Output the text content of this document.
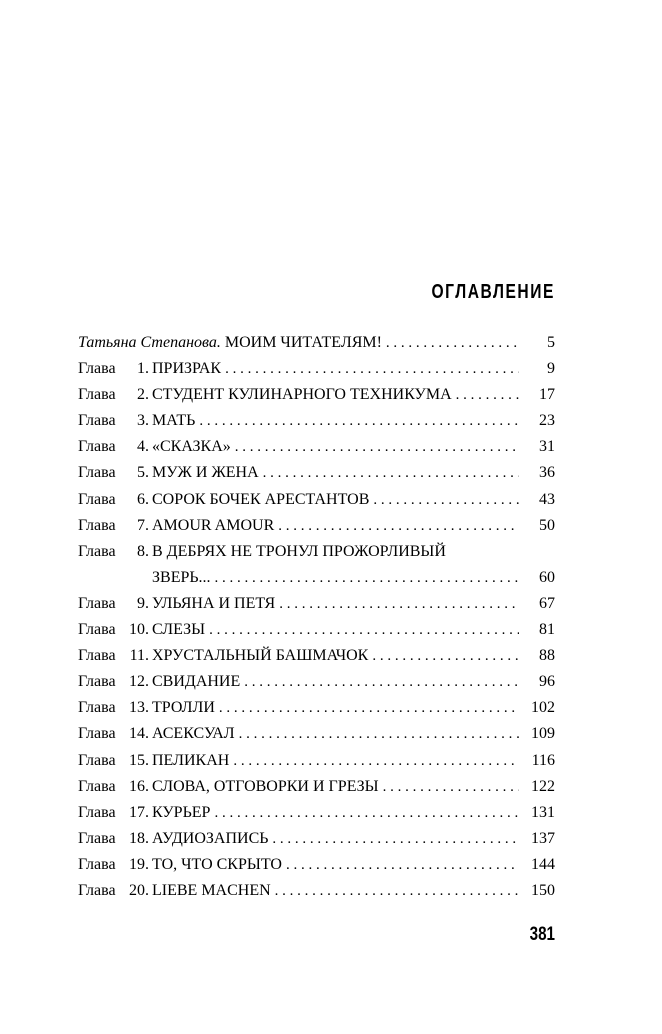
ОГЛАВЛЕНИЕ
Татьяна Степанова. МОИМ ЧИТАТЕЛЯМ! . . .	5
Глава 1. ПРИЗРАК . . .	9
Глава 2. СТУДЕНТ КУЛИНАРНОГО ТЕХНИКУМА . . .	17
Глава 3. МАТЬ . . .	23
Глава 4. «СКАЗКА» . . .	31
Глава 5. МУЖ И ЖЕНА . . .	36
Глава 6. СОРОК БОЧЕК АРЕСТАНТОВ . . .	43
Глава 7. AMOUR AMOUR . . .	50
Глава 8. В ДЕБРЯХ НЕ ТРОНУЛ ПРОЖОРЛИВЫЙ
ЗВЕРЬ... . . .	60
Глава 9. УЛЬЯНА И ПЕТЯ . . .	67
Глава 10. СЛЕЗЫ . . .	81
Глава 11. ХРУСТАЛЬНЫЙ БАШМАЧОК . . .	88
Глава 12. СВИДАНИЕ . . .	96
Глава 13. ТРОЛЛИ . . .	102
Глава 14. АСЕКСУАЛ . . .	109
Глава 15. ПЕЛИКАН . . .	116
Глава 16. СЛОВА, ОТГОВОРКИ И ГРЕЗЫ . . .	122
Глава 17. КУРЬЕР . . .	131
Глава 18. АУДИОЗАПИСЬ . . .	137
Глава 19. ТО, ЧТО СКРЫТО . . .	144
Глава 20. LIEBE MACHEN . . .	150
381
